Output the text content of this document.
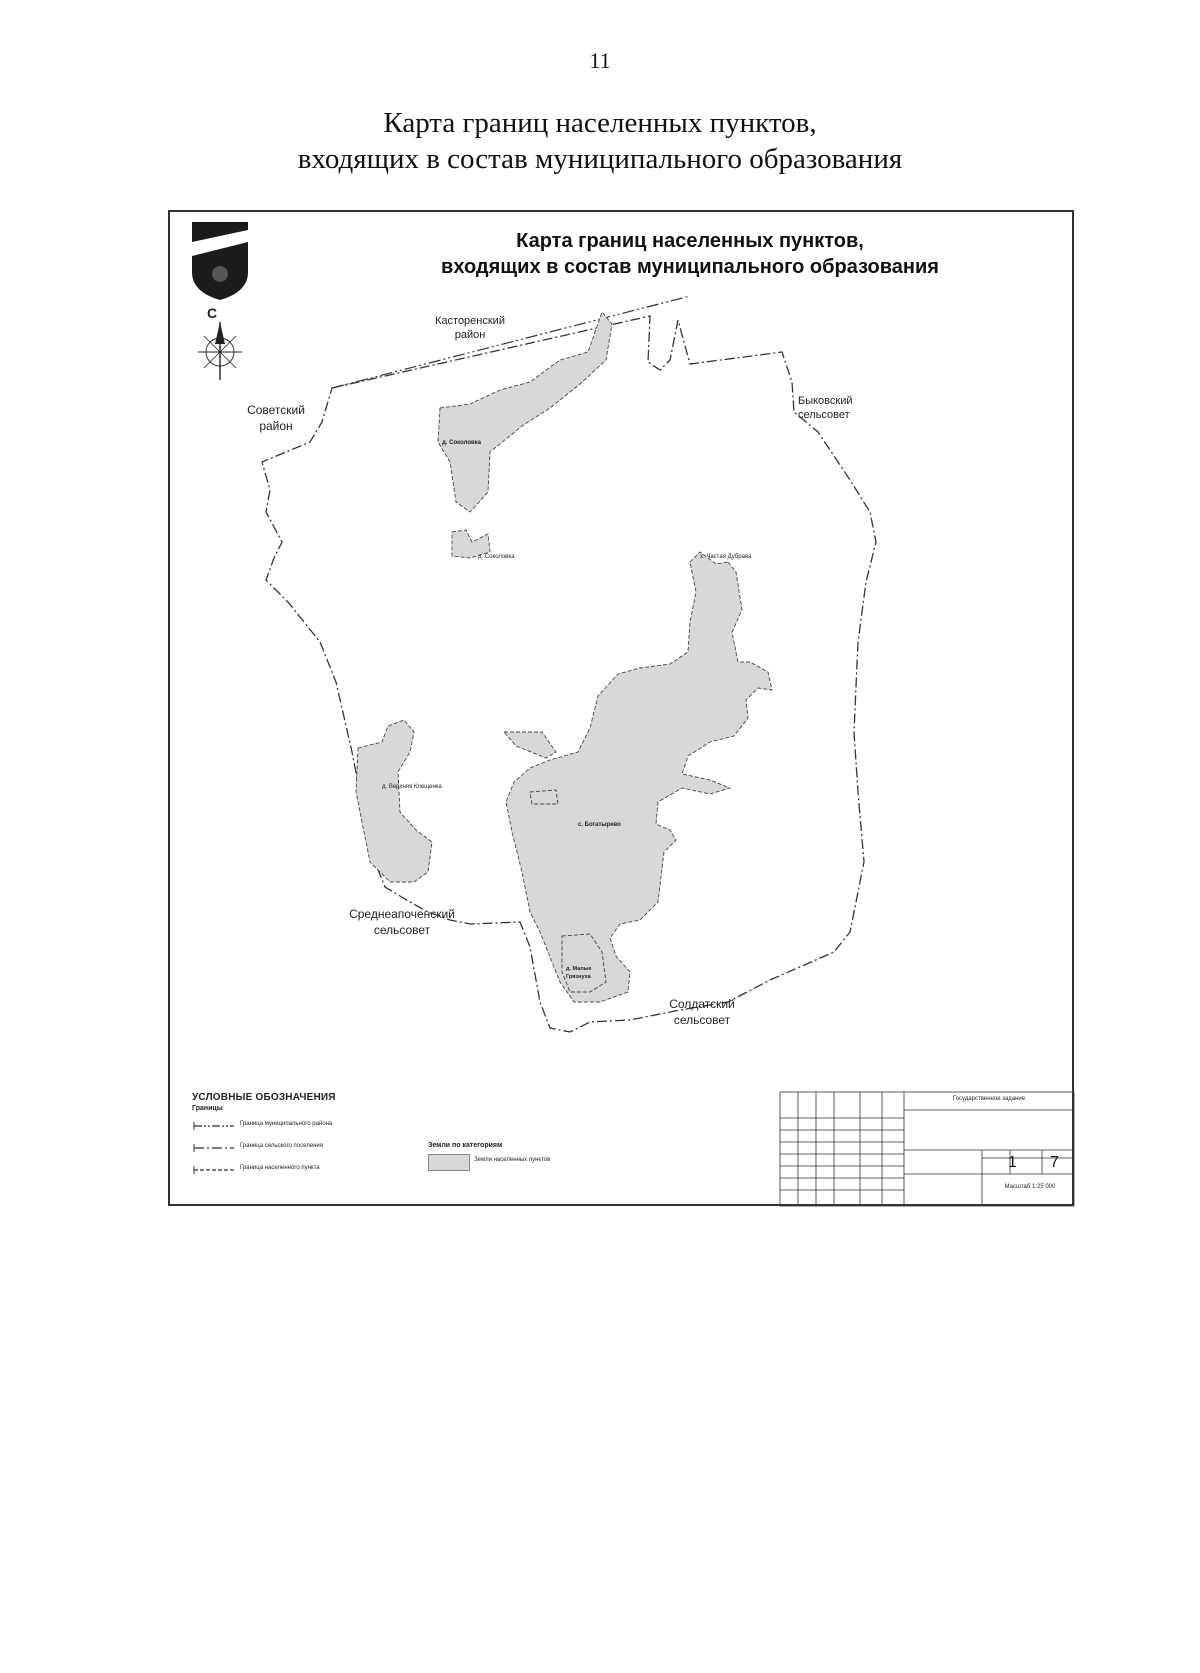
11
Карта границ населенных пунктов,
входящих в состав муниципального образования
Касторенский
район
Советский
район
Быковский
сельсовет
Среднеапоченский
сельсовет
Солдатский
сельсовет
С
д. Соколовка
д. Соколовка	х. Частая Дубрава
д. Верхняя Клещенка
с. Богатырево
д. Малые
Грязнуха
Карта границ населенных пунктов,
входящих в состав муниципального образования
УСЛОВНЫЕ ОБОЗНАЧЕНИЯ
Границы
Граница муниципального района
Граница сельского поселения
Граница населенного пункта
Земли по категориям
Земли населенных пунктов
Государственное задание
1 7
Масштаб 1:25 000
